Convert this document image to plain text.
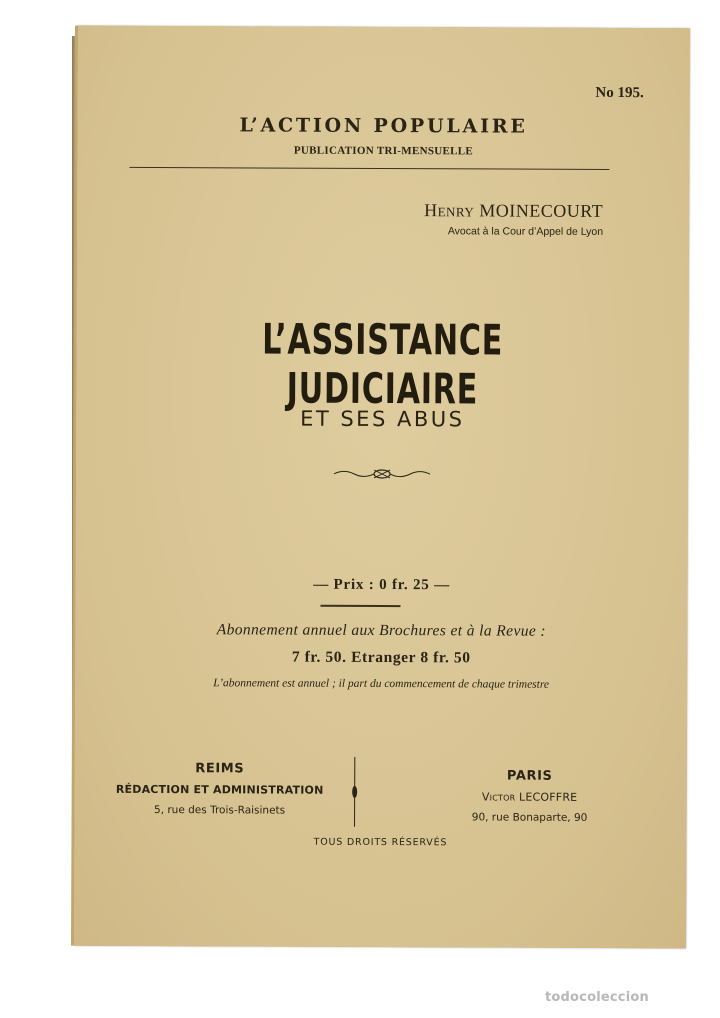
No 195.
L’ACTION POPULAIRE
PUBLICATION TRI-MENSUELLE
Henry MOINECOURT
Avocat à la Cour d’Appel de Lyon
L’ASSISTANCE JUDICIAIRE
ET SES ABUS
— Prix : 0 fr. 25 —
Abonnement annuel aux Brochures et à la Revue :
7 fr. 50. Etranger 8 fr. 50
L’abonnement est annuel ; il part du commencement de chaque trimestre
REIMS
RÉDACTION ET ADMINISTRATION
5, rue des Trois-Raisinets
PARIS
Victor LECOFFRE
90, rue Bonaparte, 90
TOUS DROITS RÉSERVÉS
todocoleccion
